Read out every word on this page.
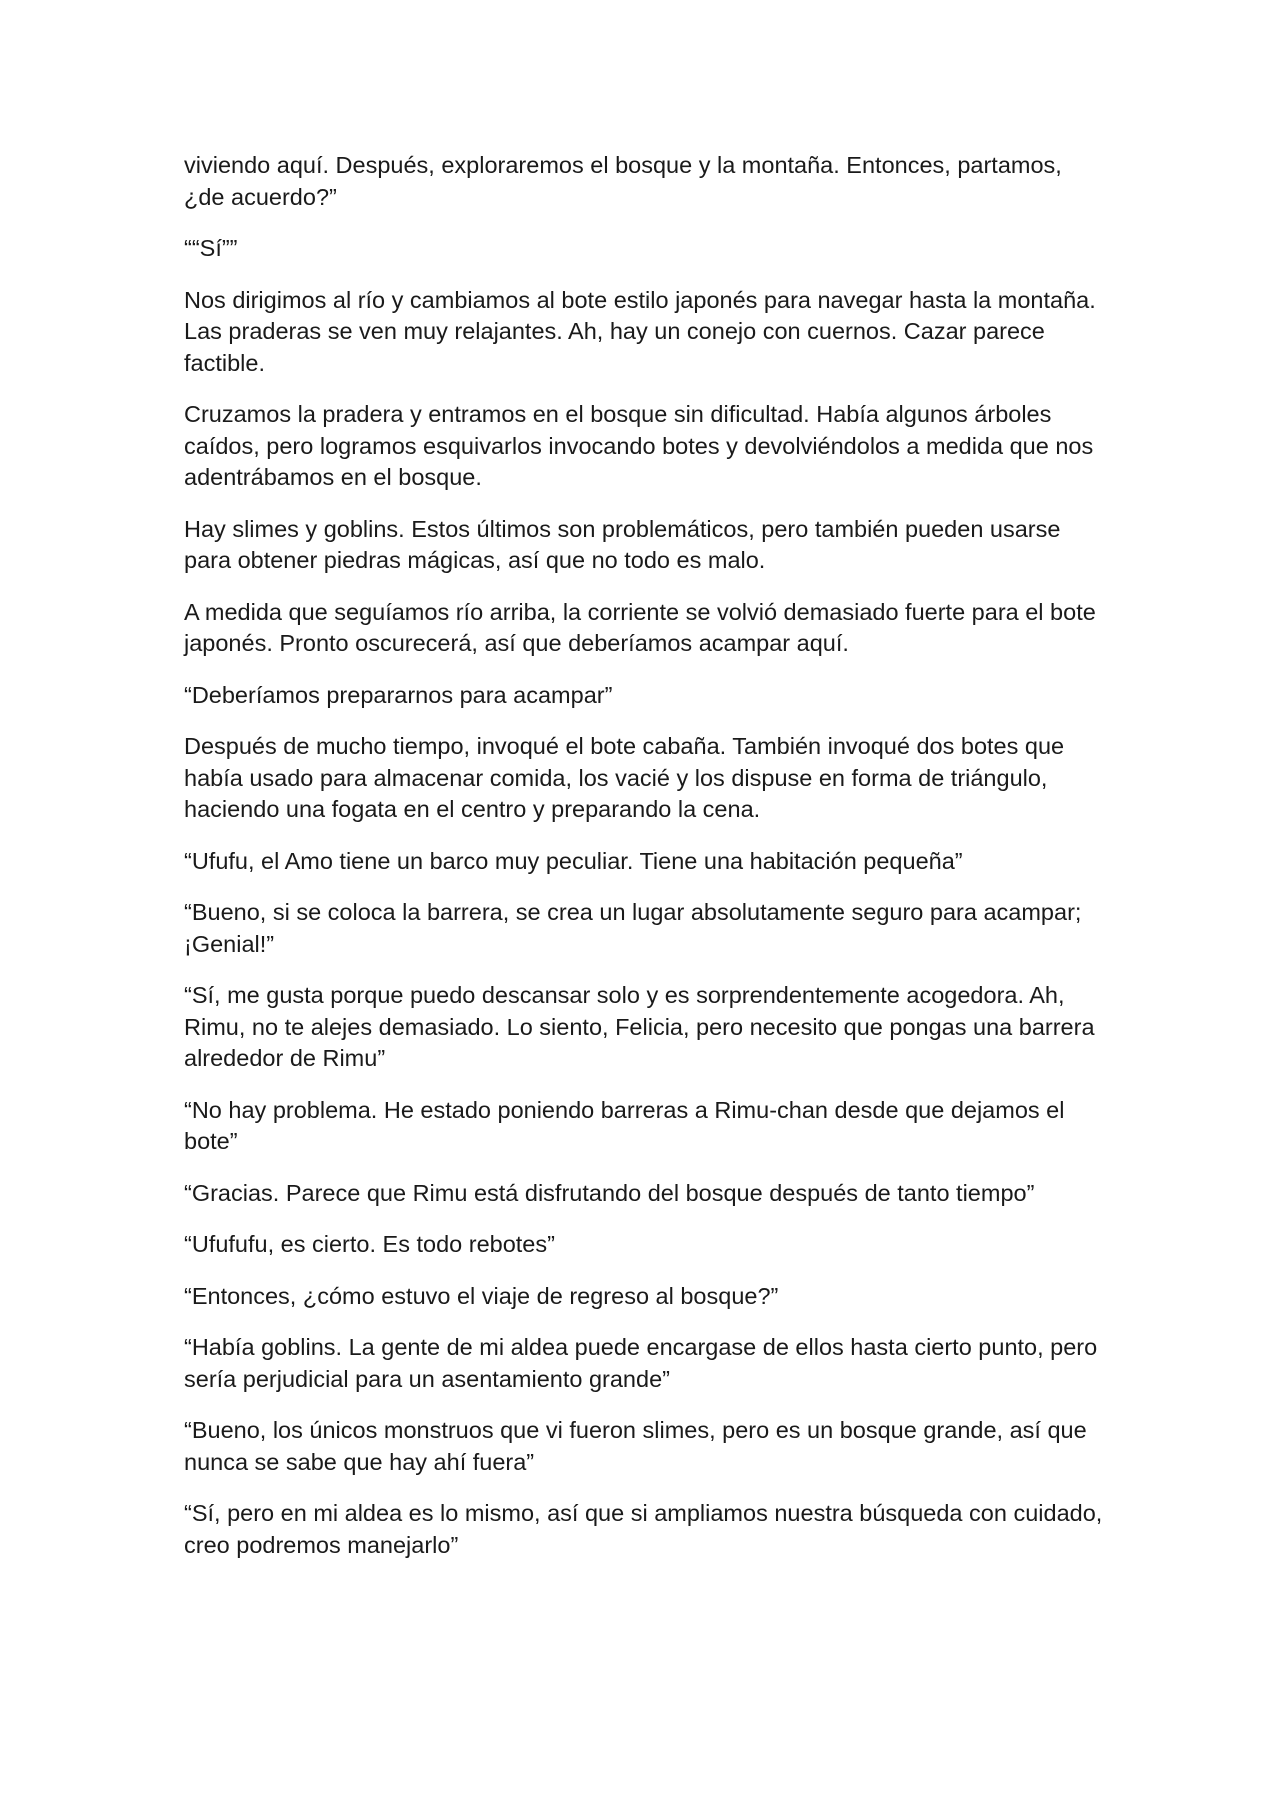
viviendo aquí. Después, exploraremos el bosque y la montaña. Entonces, partamos, ¿de acuerdo?”

““Sí””

Nos dirigimos al río y cambiamos al bote estilo japonés para navegar hasta la montaña. Las praderas se ven muy relajantes. Ah, hay un conejo con cuernos. Cazar parece factible.

Cruzamos la pradera y entramos en el bosque sin dificultad. Había algunos árboles caídos, pero logramos esquivarlos invocando botes y devolviéndolos a medida que nos adentrábamos en el bosque.

Hay slimes y goblins. Estos últimos son problemáticos, pero también pueden usarse para obtener piedras mágicas, así que no todo es malo.

A medida que seguíamos río arriba, la corriente se volvió demasiado fuerte para el bote japonés. Pronto oscurecerá, así que deberíamos acampar aquí.

“Deberíamos prepararnos para acampar”

Después de mucho tiempo, invoqué el bote cabaña. También invoqué dos botes que había usado para almacenar comida, los vacié y los dispuse en forma de triángulo, haciendo una fogata en el centro y preparando la cena.

“Ufufu, el Amo tiene un barco muy peculiar. Tiene una habitación pequeña”

“Bueno, si se coloca la barrera, se crea un lugar absolutamente seguro para acampar; ¡Genial!”

“Sí, me gusta porque puedo descansar solo y es sorprendentemente acogedora. Ah, Rimu, no te alejes demasiado. Lo siento, Felicia, pero necesito que pongas una barrera alrededor de Rimu”

“No hay problema. He estado poniendo barreras a Rimu-chan desde que dejamos el bote”

“Gracias. Parece que Rimu está disfrutando del bosque después de tanto tiempo”

“Ufufufu, es cierto. Es todo rebotes”

“Entonces, ¿cómo estuvo el viaje de regreso al bosque?”

“Había goblins. La gente de mi aldea puede encargase de ellos hasta cierto punto, pero sería perjudicial para un asentamiento grande”

“Bueno, los únicos monstruos que vi fueron slimes, pero es un bosque grande, así que nunca se sabe que hay ahí fuera”

“Sí, pero en mi aldea es lo mismo, así que si ampliamos nuestra búsqueda con cuidado, creo podremos manejarlo”
